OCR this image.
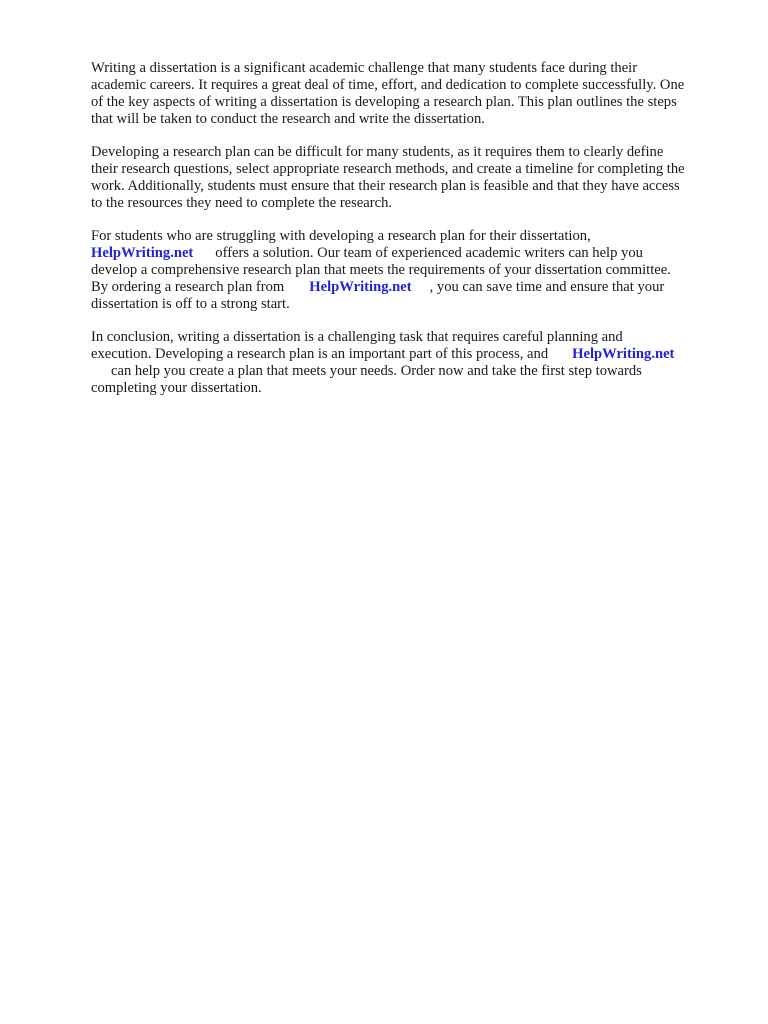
Writing a dissertation is a significant academic challenge that many students face during their
academic careers. It requires a great deal of time, effort, and dedication to complete successfully. One
of the key aspects of writing a dissertation is developing a research plan. This plan outlines the steps
that will be taken to conduct the research and write the dissertation.

Developing a research plan can be difficult for many students, as it requires them to clearly define
their research questions, select appropriate research methods, and create a timeline for completing the
work. Additionally, students must ensure that their research plan is feasible and that they have access
to the resources they need to complete the research.

For students who are struggling with developing a research plan for their dissertation,
HelpWriting.net offers a solution. Our team of experienced academic writers can help you
develop a comprehensive research plan that meets the requirements of your dissertation committee.
By ordering a research plan from HelpWriting.net , you can save time and ensure that your
dissertation is off to a strong start.

In conclusion, writing a dissertation is a challenging task that requires careful planning and
execution. Developing a research plan is an important part of this process, and HelpWriting.net
can help you create a plan that meets your needs. Order now and take the first step towards
completing your dissertation.
